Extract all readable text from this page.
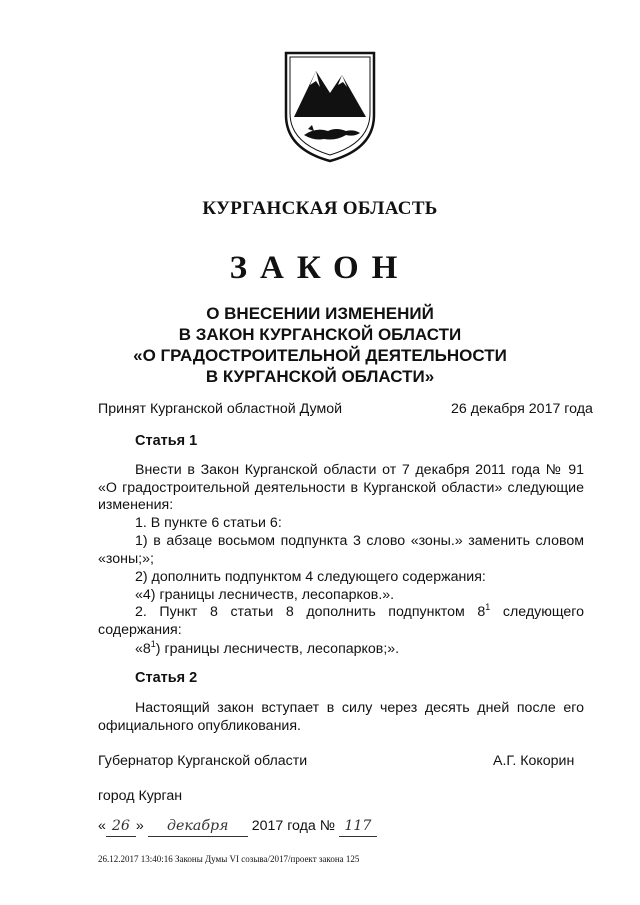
КУРГАНСКАЯ ОБЛАСТЬ
ЗАКОН
О ВНЕСЕНИИ ИЗМЕНЕНИЙ
В ЗАКОН КУРГАНСКОЙ ОБЛАСТИ
«О ГРАДОСТРОИТЕЛЬНОЙ ДЕЯТЕЛЬНОСТИ
В КУРГАНСКОЙ ОБЛАСТИ»
Принят Курганской областной Думой	26 декабря 2017 года
Статья 1
Внести в Закон Курганской области от 7 декабря 2011 года № 91 «О градостроительной деятельности в Курганской области» следующие изменения:
1. В пункте 6 статьи 6:
1) в абзаце восьмом подпункта 3 слово «зоны.» заменить словом «зоны;»;
2) дополнить подпунктом 4 следующего содержания:
«4) границы лесничеств, лесопарков.».
2. Пункт 8 статьи 8 дополнить подпунктом $8^1$ следующего содержания:
«$8^1$) границы лесничеств, лесопарков;».
Статья 2
Настоящий закон вступает в силу через десять дней после его официального опубликования.
Губернатор Курганской области	А.Г. Кокорин
город Курган
« 26 » декабря 2017 года № 117
26.12.2017 13:40:16 Законы Думы VI созыва/2017/проект закона 125
